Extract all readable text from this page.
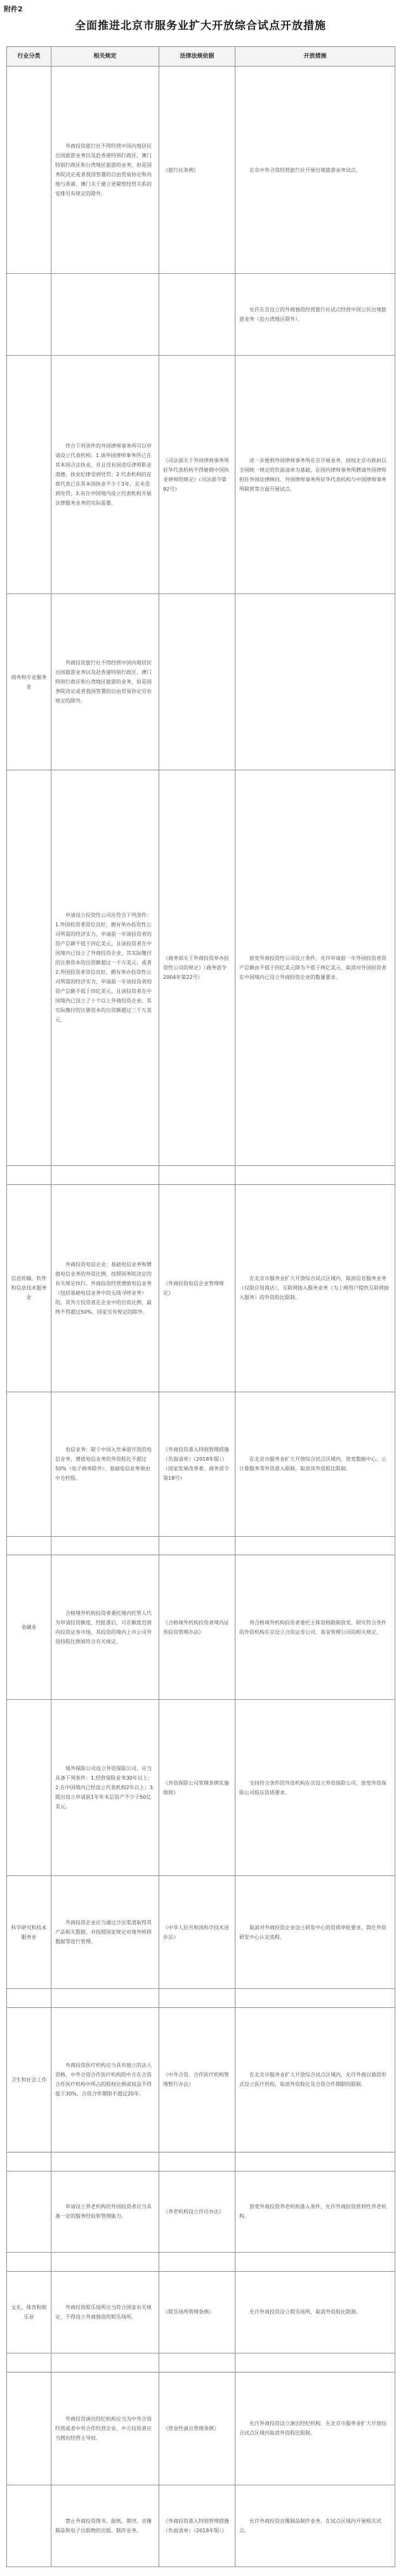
附件2
全面推进北京市服务业扩大开放综合试点开放措施
行业分类	相关规定	法律法规依据	开放措施
	外商投资旅行社不得经营中国内地居民出国旅游业务以及赴香港特别行政区、澳门特别行政区和台湾地区旅游的业务，但是国务院决定或者我国签署的自由贸易协定和内地与香港、澳门关于建立更紧密经贸关系的安排另有规定的除外。	《旅行社条例》	在京中外合资经营旅行社开展出境旅游业务试点。
			允许在京设立的外商独资经营旅行社试点经营中国公民出境旅游业务（赴台湾地区除外）。
	符合下列条件的外国律师事务所可以申请设立代表机构：1.该外国律师事务所已在其本国合法执业，并且没有因违反律师职业道德、执业纪律受到处罚；2.代表机构的首席代表已在其本国执业不少于3年，且未受到处罚；3.有在中国境内设立代表机构开展法律服务业务的实际需要。	《司法部关于外国律师事务所驻华代表机构不得雇佣中国执业律师的规定》（司法部令第92号）	进一步便利外国律师事务所在京开展业务，授权北京市政府以全国统一规定的负面清单为基础，在国内律师事务所聘请外国律师担任外国法律顾问、外国律师事务所驻华代表机构与中国律师事务所联营等方面开展试点。
商务和专业服务业	外商投资旅行社不得经营中国内地居民出国旅游业务以及赴香港特别行政区、澳门特别行政区和台湾地区旅游的业务，但是国务院决定或者我国签署的自由贸易协定另有规定的除外。		
	申请设立投资性公司应符合下列条件：1.外国投资者资信良好，拥有举办投资性公司所需的经济实力，申请前一年该投资者的资产总额不低于四亿美元，且该投资者在中国境内已设立了外商投资企业，其实际缴付的注册资本的出资额超过一千万美元；或者2.外国投资者资信良好，拥有举办投资性公司所需的经济实力，申请前一年该投资者的资产总额不低于四亿美元，且该投资者在中国境内已设立了十个以上外商投资企业，其实际缴付的注册资本的出资额超过三千万美元。	《商务部关于外商投资举办投资性公司的规定》（商务部令2004年第22号）	放宽外商投资性公司设立条件，允许申请前一年外国投资者资产总额由不低于四亿美元降为不低于两亿美元，取消对外国投资者在中国境内已设立外商投资企业的数量要求。

信息传输、软件和信息技术服务业	外商投资电信企业：基础电信业务和增值电信业务的外资比例，按照国务院决定的有关规定执行。外商投资经营增值电信业务（包括基础电信业务中的无线寻呼业务）的，其外方投资者在企业中的出资比例，最终不得超过50%，国家另有规定的除外。	《外商投资电信企业管理规定》	在北京市服务业扩大开放综合试点区域内，取消信息服务业务（仅限应用商店）、互联网接入服务业务（为上网用户提供互联网接入服务）的外资股比限制。
	电信业务：限于中国入世承诺开放的电信业务，增值电信业务的外资股比不超过50%（电子商务除外），基础电信业务须由中方控股。	《外商投资准入特别管理措施（负面清单）（2018年版）》（国家发展改革委、商务部令第18号）	在北京市服务业扩大开放综合试点区域内，放宽数据中心、云计算服务等外资准入限制，取消其外资股比限制。

金融业	合格境外机构投资者委托境内托管人代为申请投资额度，经批准后，可在额度范围内投资证券市场，其投资的境内上市公司外资持股比例须符合有关规定。	《合格境外机构投资者境内证券投资管理办法》	将合格境外机构投资者委托主体资格限制放宽，研究符合条件的外资机构在京设立合资证券公司、基金管理公司的相关规定。
	境外保险公司设立外资保险公司，应当具备下列条件：1.经营保险业务30年以上；2.在中国境内已经设立代表机构2年以上；3.提出设立申请前1年年末总资产不少于50亿美元。	《外资保险公司管理条例实施细则》	支持符合条件的外资机构在京设立外资保险公司，放宽外资保险公司股东资质要求。
科学研究和技术服务业	外商投资企业应当通过合法渠道取得其产品相关数据，并按照国家规定对境外转移数据等进行管理。	《中华人民共和国科学技术进步法》	取消对外商投资企业设立研发中心的资质审批要求，简化外资研发中心认定流程。

卫生和社会工作	外商投资医疗机构应当具有独立的法人资格，中外合资合作医疗机构的中方在合资合作医疗机构中所占的股权比例或权益不得低于30%，合资合作期限不超过20年。	《中外合资、合作医疗机构管理暂行办法》	在北京市服务业扩大开放综合试点区域内，允许外商以独资形式设立医疗机构，取消外资股比及合资合作期限的限制。

	申请设立养老机构的外国投资者应当具备一定的服务经验和管理能力。	《养老机构设立许可办法》	放宽外商投资养老机构准入条件，允许外商投资营利性养老机构。

文化、体育和娱乐业	外商投资娱乐场所应当符合国家有关规定，不得设立外商独资的娱乐场所。	《娱乐场所管理条例》	允许外商投资设立娱乐场所，取消外资股比限制。

	外商投资演出经纪机构应当为中外合资经营或者中外合作经营企业，中方投资者应当拥有经营主导权。	《营业性演出管理条例》	允许外商投资设立演出经纪机构，在北京市服务业扩大开放综合试点区域内取消外资股比限制。
	禁止外商投资图书、报纸、期刊、音像制品和电子出版物的出版、制作业务。	《外商投资准入特别管理措施（负面清单）（2018年版）》	允许外商投资音像制品制作业务，在试点区域内开展相关试点。
